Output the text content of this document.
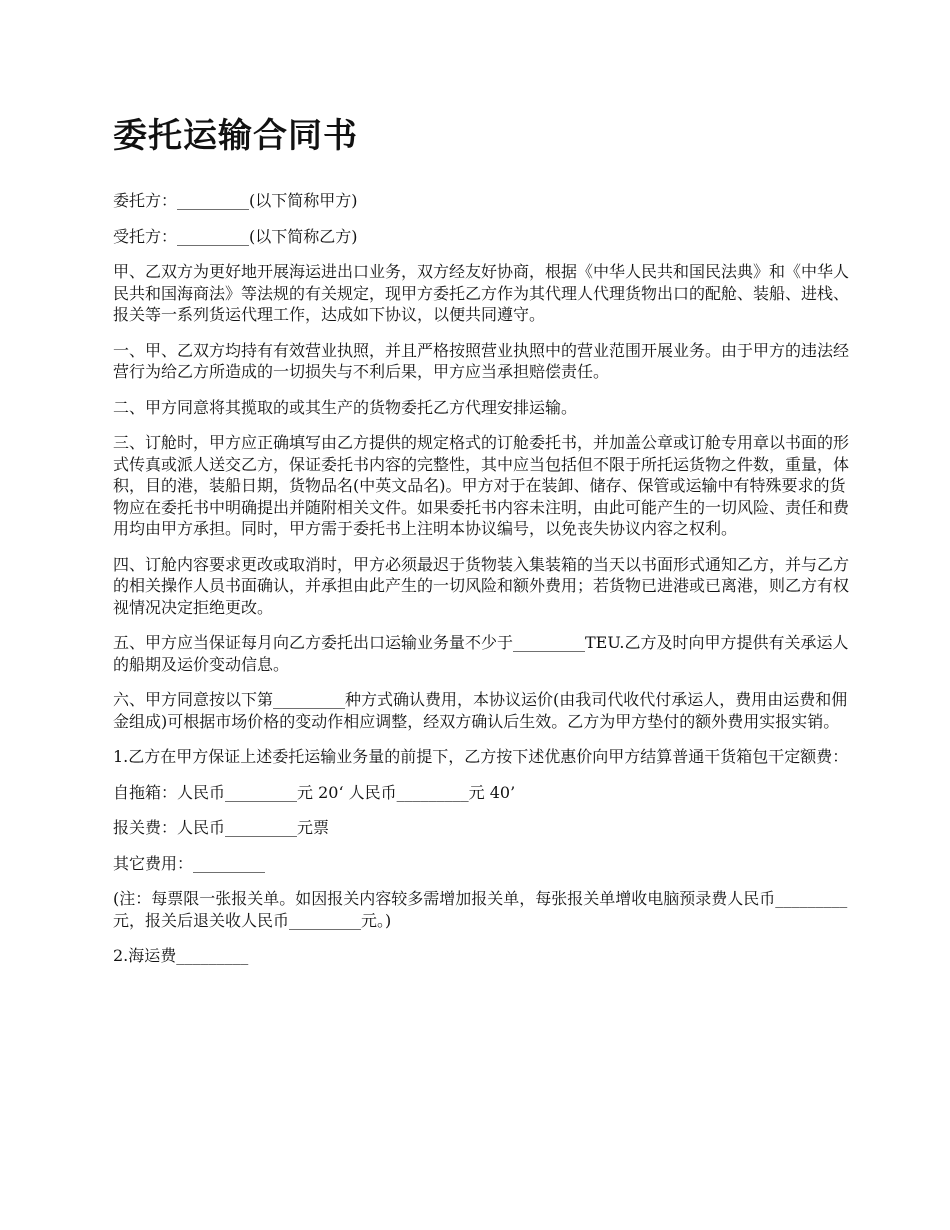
委托运输合同书

委托方：_________(以下简称甲方)

受托方：_________(以下简称乙方)

甲、乙双方为更好地开展海运进出口业务，双方经友好协商，根据《中华人民共和国民法典》和《中华人民共和国海商法》等法规的有关规定，现甲方委托乙方作为其代理人代理货物出口的配舱、装船、进栈、报关等一系列货运代理工作，达成如下协议，以便共同遵守。

一、甲、乙双方均持有有效营业执照，并且严格按照营业执照中的营业范围开展业务。由于甲方的违法经营行为给乙方所造成的一切损失与不利后果，甲方应当承担赔偿责任。

二、甲方同意将其揽取的或其生产的货物委托乙方代理安排运输。

三、订舱时，甲方应正确填写由乙方提供的规定格式的订舱委托书，并加盖公章或订舱专用章以书面的形式传真或派人送交乙方，保证委托书内容的完整性，其中应当包括但不限于所托运货物之件数，重量，体积，目的港，装船日期，货物品名(中英文品名)。甲方对于在装卸、储存、保管或运输中有特殊要求的货物应在委托书中明确提出并随附相关文件。如果委托书内容未注明，由此可能产生的一切风险、责任和费用均由甲方承担。同时，甲方需于委托书上注明本协议编号，以免丧失协议内容之权利。

四、订舱内容要求更改或取消时，甲方必须最迟于货物装入集装箱的当天以书面形式通知乙方，并与乙方的相关操作人员书面确认，并承担由此产生的一切风险和额外费用；若货物已进港或已离港，则乙方有权视情况决定拒绝更改。

五、甲方应当保证每月向乙方委托出口运输业务量不少于_________TEU.乙方及时向甲方提供有关承运人的船期及运价变动信息。

六、甲方同意按以下第_________种方式确认费用，本协议运价(由我司代收代付承运人，费用由运费和佣金组成)可根据市场价格的变动作相应调整，经双方确认后生效。乙方为甲方垫付的额外费用实报实销。

1.乙方在甲方保证上述委托运输业务量的前提下，乙方按下述优惠价向甲方结算普通干货箱包干定额费：

自拖箱：人民币_________元 20‘ 人民币_________元 40’

报关费：人民币_________元票

其它费用：_________

(注：每票限一张报关单。如因报关内容较多需增加报关单，每张报关单增收电脑预录费人民币_________元，报关后退关收人民币_________元。)

2.海运费_________
